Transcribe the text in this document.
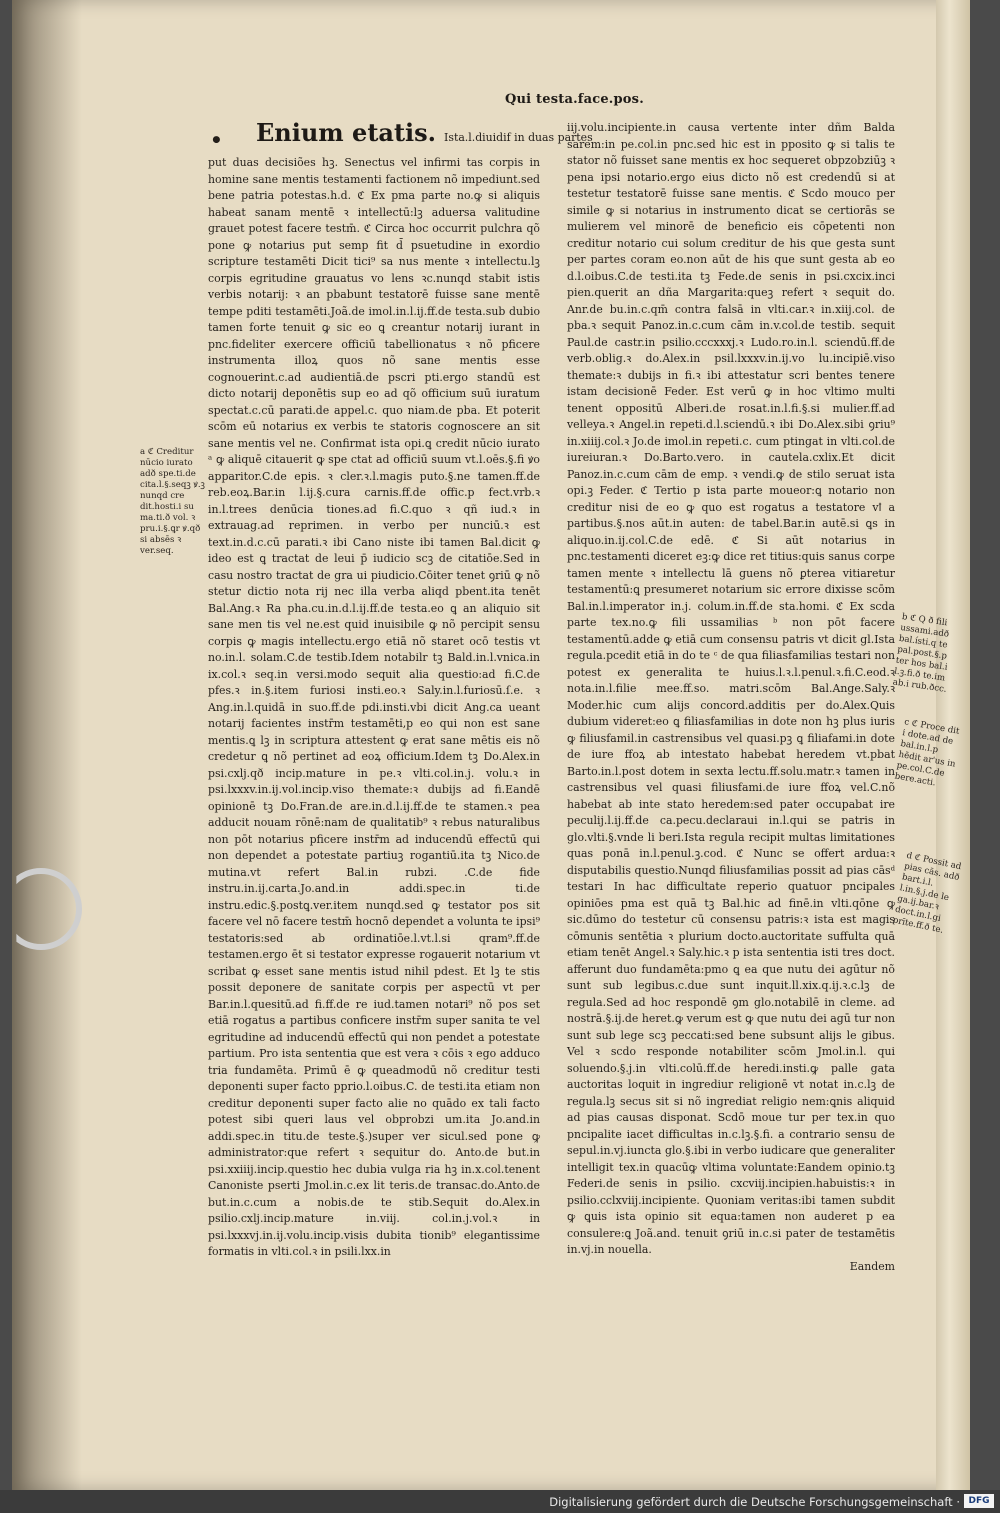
Qui testa.face.pos.
• Enium etatis. Ista.l.diuidif in duas partes

put duas decisiões hꝫ. Senectus vel infirmi tas corpis in homine sane mentis testamenti factionem nõ impediunt.sed bene patria potestas.h.d. ℭ Ex pma parte no.ꝙ si aliquis habeat sanam mentē ꝛ intellectū:lꝫ aduersa valitudine grauet potest facere testm̄. ℭ Circa hoc occurrit pulchra qõ pone ꝙ notarius put semp fit d̄ psuetudine in exordio scripture testamēti Dicit tici⁹ sa nus mente ꝛ intellectu.lꝫ corpis egritudine grauatus vo lens ꝛc.nunqd stabit istis verbis notarij: ꝛ an pbabunt testatorē fuisse sane mentē tempe pditi testamēti.Joã.de imol.in.l.ij.ff.de testa.sub dubio tamen forte tenuit ꝙ sic eo ꝗ creantur notarij iurant in pnc.fideliter exercere officiū tabellionatus ꝛ nõ pficere instrumenta illoꝝ quos nõ sane mentis esse cognouerint.c.ad audientiā.de pscri pti.ergo standū est dicto notarij deponētis sup eo ad qõ officium suū iuratum spectat.c.cū parati.de appel.c. quo niam.de pba. Et poterit scōm eū notarius ex verbis te statoris cognoscere an sit sane mentis vel ne. Confirmat ista opi.ꝗ credit nūcio iurato ᵃ ꝙ aliquē citauerit ꝙ spe ctat ad officiū suum vt.l.oēs.§.fi ꝟo apparitor.C.de epis. ꝛ cler.ꝛ.l.magis puto.§.ne tamen.ff.de reb.eoꝝ.Bar.in l.ij.§.cura carnis.ff.de offic.p fect.vrb.ꝛ in.l.trees denūcia tiones.ad fi.C.quo ꝛ qñ iud.ꝛ in extrauag.ad reprimen. in verbo per nunciū.ꝛ est text.in.d.c.cū parati.ꝛ ibi Cano niste ibi tamen Bal.dicit ꝙ ideo est ꝗ tractat de leui p̄ iudicio scꝫ de citatiōe.Sed in casu nostro tractat de gra ui piudicio.Cōiter tenet ꝯriū ꝙ nõ stetur dictio nota rij nec illa verba aliqd pbent.ita tenēt Bal.Ang.ꝛ Ra pha.cu.in.d.l.ij.ff.de testa.eo ꝗ an aliquio sit sane men tis vel ne.est quid inuisibile ꝙ nõ percipit sensu corpis ꝙ magis intellectu.ergo etiā nõ staret ocō testis vt no.in.l. solam.C.de testib.Idem notabilr tꝫ Bald.in.l.vnica.in ix.col.ꝛ seq.in versi.modo sequit alia questio:ad fi.C.de pfes.ꝛ in.§.item furiosi insti.eo.ꝛ Saly.in.l.furiosū.ſ.e. ꝛ Ang.in.l.quidā in suo.ff.de pdi.insti.vbi dicit Ang.ca ueant notarij facientes instr̄m testamēti,p eo qui non est sane mentis.ꝗ lꝫ in scriptura attestent ꝙ erat sane mētis eis nõ credetur ꝗ nõ pertinet ad eoꝝ officium.Idem tꝫ Do.Alex.in psi.cxlj.qð incip.mature in pe.ꝛ vlti.col.in.j. volu.ꝛ in psi.lxxxv.in.ij.vol.incip.viso themate:ꝛ dubijs ad fi.Eandē opinionē tꝫ Do.Fran.de are.in.d.l.ij.ff.de te stamen.ꝛ pea adducit nouam rōnē:nam de qualitatib⁹ ꝛ rebus naturalibus non pōt notarius pficere instr̄m ad inducendū effectū qui non dependet a potestate partiuꝫ rogantiū.ita tꝫ Nico.de mutina.vt refert Bal.in rubzi. .C.de fide instru.in.ij.carta.Jo.and.in addi.spec.in ti.de instru.edic.§.postꝗ.ver.item nunqd.sed ꝙ testator pos sit facere vel nō facere testm̄ hocnō dependet a volunta te ipsi⁹ testatoris:sed ab ordinatiōe.l.vt.l.si qram⁹.ff.de testamen.ergo ēt si testator expresse rogauerit notarium vt scribat ꝙ esset sane mentis istud nihil pdest. Et lꝫ te stis possit deponere de sanitate corpis per aspectū vt per Bar.in.l.quesitū.ad fi.ff.de re iud.tamen notari⁹ nõ pos set etiā rogatus a partibus conficere instr̄m super sanita te vel egritudine ad inducendū effectū qui non pendet a potestate partium. Pro ista sententia que est vera ꝛ cōis ꝛ ego adduco tria fundamēta. Primū ē ꝙ queadmodū nõ creditur testi deponenti super facto pprio.l.oibus.C. de testi.ita etiam non creditur deponenti super facto alie no quādo ex tali facto potest sibi queri laus vel obprobzi um.ita Jo.and.in addi.spec.in titu.de teste.§.)super ver sicul.sed pone ꝙ administrator:que refert ꝛ sequitur do. Anto.de but.in psi.xxiiij.incip.questio hec dubia vulga ria hꝫ in.x.col.tenent Canoniste pserti Jmol.in.c.ex lit teris.de transac.do.Anto.de but.in.c.cum a nobis.de te stib.Sequit do.Alex.in psilio.cxlj.incip.mature in.viij. col.in.j.vol.ꝛ in psi.lxxxvj.in.ij.volu.incip.visis dubita tionib⁹ elegantissime formatis in vlti.col.ꝛ in psili.lxx.in

iij.volu.incipiente.in causa vertente inter dñm Balda sarem:in pe.col.in pnc.sed hic est in pposito ꝙ si talis te stator nõ fuisset sane mentis ex hoc sequeret obpzobziūꝫ ꝛ pena ipsi notario.ergo eius dicto nõ est credendū si at testetur testatorē fuisse sane mentis. ℭ Scdo mouco per simile ꝙ si notarius in instrumento dicat se certiorās se mulierem vel minorē de beneficio eis cōpetenti non creditur notario cui solum creditur de his que gesta sunt per partes coram eo.non aūt de his que sunt gesta ab eo d.l.oibus.C.de testi.ita tꝫ Fede.de senis in psi.cxcix.inci pien.querit an dña Margarita:queꝫ refert ꝛ sequit do. Anr.de bu.in.c.qm̄ contra falsā in vlti.car.ꝛ in.xiij.col. de pba.ꝛ sequit Panoz.in.c.cum cām in.v.col.de testib. sequit Paul.de castr.in psilio.cccxxxj.ꝛ Ludo.ro.in.l. sciendū.ff.de verb.oblig.ꝛ do.Alex.in psil.lxxxv.in.ij.vo lu.incipiē.viso themate:ꝛ dubijs in fi.ꝛ ibi attestatur scri bentes tenere istam decisionē Feder. Est verū ꝙ in hoc vltimo multi tenent oppositū Alberi.de rosat.in.l.fi.§.si mulier.ff.ad velleya.ꝛ Angel.in repeti.d.l.sciendū.ꝛ ibi Do.Alex.sibi ꝯriu⁹ in.xiiij.col.ꝛ Jo.de imol.in repeti.c. cum ptingat in vlti.col.de iureiuran.ꝛ Do.Barto.vero. in cautela.cxlix.Et dicit Panoz.in.c.cum cām de emp. ꝛ vendi.ꝙ de stilo seruat ista opi.ꝫ Feder. ℭ Tertio p ista parte moueor:ꝗ notario non creditur nisi de eo ꝙ quo est rogatus a testatore vꝉ a partibus.§.nos aūt.in auten: de tabel.Bar.in autē.si ꝗs in aliquo.in.ij.col.C.de edē. ℭ Si aūt notarius in pnc.testamenti diceret eꝫ:ꝙ dice ret titius:quis sanus corpe tamen mente ꝛ intellectu lā guens nõ ꝑterea vitiaretur testamentū:ꝗ presumeret notarium sic errore dixisse scōm Bal.in.l.imperator in.j. colum.in.ff.de sta.homi. ℭ Ex scda parte tex.no.ꝙ fili ussamilias ᵇ non pōt facere testamentū.adde ꝙ etiā cum consensu patris vt dicit gl.Ista regula.pcedit etiā in do te ᶜ de qua filiasfamilias testari non potest ex generalita te huius.l.ꝛ.l.penul.ꝛ.fi.C.eod.ꝛ nota.in.l.filie mee.ff.so. matri.scōm Bal.Ange.Saly.ꝛ Moder.hic cum alijs concord.additis per do.Alex.Quis dubium videret:eo ꝗ filiasfamilias in dote non hꝫ plus iuris ꝙ filiusfamil.in castrensibus vel quasi.pꝫ ꝗ filiafami.in dote de iure ffoꝝ ab intestato habebat heredem vt.pbat Barto.in.l.post dotem in sexta lectu.ff.solu.matr.ꝛ tamen in castrensibus vel quasi filiusfami.de iure ffoꝝ vel.C.nõ habebat ab inte stato heredem:sed pater occupabat ire peculij.l.ij.ff.de ca.pecu.declaraui in.l.qui se patris in glo.vlti.§.vnde li beri.Ista regula recipit multas limitationes quas ponā in.l.penul.ꝫ.cod. ℭ Nunc se offert ardua:ꝛ disputabilis questio.Nunqd filiusfamilias possit ad pias cāsᵈ testari In hac difficultate reperio quatuor pncipales opiniōes pma est quā tꝫ Bal.hic ad finē.in vlti.qōne ꝙ sic.dūmo do testetur cū consensu patris:ꝛ ista est magis cōmunis sentētia ꝛ plurium docto.auctoritate suffulta quā etiam tenēt Angel.ꝛ Saly.hic.ꝛ p ista sententia isti tres doct. afferunt duo fundamēta:pmo ꝗ ea que nutu dei agūtur nõ sunt sub legibus.c.due sunt inquit.ll.xix.q.ij.ꝛ.c.lꝫ de regula.Sed ad hoc respondē ꝯm glo.notabilē in cleme. ad nostrā.§.ij.de heret.ꝙ verum est ꝙ que nutu dei agū tur non sunt sub lege scꝫ peccati:sed bene subsunt alijs le gibus. Vel ꝛ scdo responde notabiliter scōm Jmol.in.l. qui soluendo.§.j.in vlti.colū.ff.de heredi.insti.ꝙ palle gata auctoritas loquit in ingrediur religionē vt notat in.c.lꝫ de regula.lꝫ secus sit si nõ ingrediat religio nem:ꝗnis aliquid ad pias causas disponat. Scdō moue tur per tex.in quo pncipalite iacet difficultas in.c.lꝫ.§.fi. a contrario sensu de sepul.in.vj.iuncta glo.§.ibi in verbo iudicare que generaliter intelligit tex.in quacūꝙ vltima voluntate:Eandem opinio.tꝫ Federi.de senis in psilio. cxcviij.incipien.habuistis:ꝛ in psilio.cclxviij.incipiente. Quoniam veritas:ibi tamen subdit ꝙ ꝗuis ista opinio sit equa:tamen non auderet p ea consulere:ꝗ Joã.and. tenuit ꝯriū in.c.si pater de testamētis in.vj.in nouella.

Eandem

a ℭ Creditur nūcio iurato adð spe.ti.de cita.l.§.seqꝫ ꝟ.ꝫ nunqd cre dit.hosti.i su ma.ti.ð vol. ꝛ pru.i.§.ꝗr ꝟ.qð si absēs ꝛ ver.seq.
b ℭ Q ð fili ussami.adð bal.ísti.q te pal.post.§.p ter hos bal.i l.ꝫ.fi.ð te.im ab.i rub.ðcc.
c ℭ Proce dit i dote.ad de bal.in.l.p hēdit ar'us in pe.col.C.de bere.acti.
d ℭ Possit ad pias cās. adð bart.i.l. l.in.§.j.de le ga.ij.bar.ꝛ doct.in.l.gi prīte.ff.ð te.
Digitalisierung gefördert durch die Deutsche Forschungsgemeinschaft · DFG
